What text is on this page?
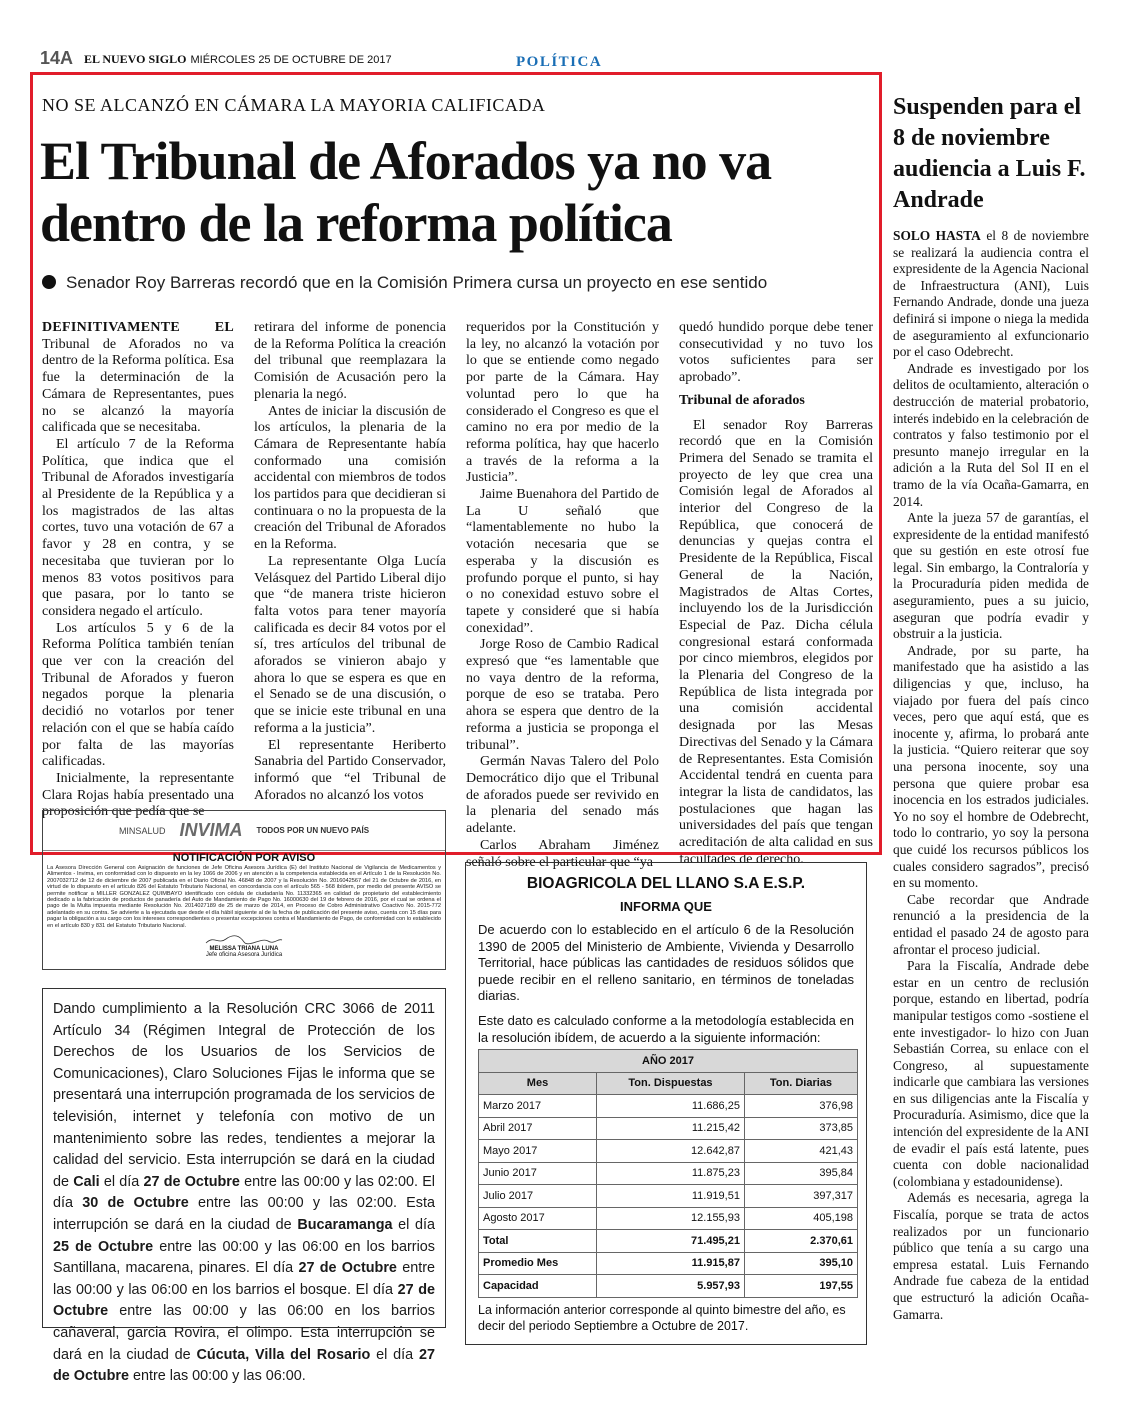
14A EL NUEVO SIGLO MIÉRCOLES 25 DE OCTUBRE DE 2017	POLÍTICA
NO SE ALCANZÓ EN CÁMARA LA MAYORIA CALIFICADA
El Tribunal de Aforados ya no va dentro de la reforma política
Senador Roy Barreras recordó que en la Comisión Primera cursa un proyecto en ese sentido

DEFINITIVAMENTE EL Tribunal de Aforados no va dentro de la Reforma política. Esa fue la determinación de la Cámara de Representantes, pues no se alcanzó la mayoría calificada que se necesitaba.

El artículo 7 de la Reforma Política, que indica que el Tribunal de Aforados investigaría al Presidente de la República y a los magistrados de las altas cortes, tuvo una votación de 67 a favor y 28 en contra, y se necesitaba que tuvieran por lo menos 83 votos positivos para que pasara, por lo tanto se considera negado el artículo.

Los artículos 5 y 6 de la Reforma Política también tenían que ver con la creación del Tribunal de Aforados y fueron negados porque la plenaria decidió no votarlos por tener relación con el que se había caído por falta de las mayorías calificadas.

Inicialmente, la representante Clara Rojas había presentado una proposición que pedía que se

retirara del informe de ponencia de la Reforma Política la creación del tribunal que reemplazara la Comisión de Acusación pero la plenaria la negó.

Antes de iniciar la discusión de los artículos, la plenaria de la Cámara de Representante había conformado una comisión accidental con miembros de todos los partidos para que decidieran si continuara o no la propuesta de la creación del Tribunal de Aforados en la Reforma.

La representante Olga Lucía Velásquez del Partido Liberal dijo que “de manera triste hicieron falta votos para tener mayoría calificada es decir 84 votos por el sí, tres artículos del tribunal de aforados se vinieron abajo y ahora lo que se espera es que en el Senado se de una discusión, o que se inicie este tribunal en una reforma a la justicia”.

El representante Heriberto Sanabria del Partido Conservador, informó que “el Tribunal de Aforados no alcanzó los votos

requeridos por la Constitución y la ley, no alcanzó la votación por lo que se entiende como negado por parte de la Cámara. Hay voluntad pero lo que ha considerado el Congreso es que el camino no era por medio de la reforma política, hay que hacerlo a través de la reforma a la Justicia”.

Jaime Buenahora del Partido de La U señaló que “lamentablemente no hubo la votación necesaria que se esperaba y la discusión es profundo porque el punto, si hay o no conexidad estuvo sobre el tapete y consideré que si había conexidad”.

Jorge Roso de Cambio Radical expresó que “es lamentable que no vaya dentro de la reforma, porque de eso se trataba. Pero ahora se espera que dentro de la reforma a justicia se proponga el tribunal”.

Germán Navas Talero del Polo Democrático dijo que el Tribunal de aforados puede ser revivido en la plenaria del senado más adelante.

Carlos Abraham Jiménez señaló sobre el particular que “ya

quedó hundido porque debe tener consecutividad y no tuvo los votos suficientes para ser aprobado”.

Tribunal de aforados

El senador Roy Barreras recordó que en la Comisión Primera del Senado se tramita el proyecto de ley que crea una Comisión legal de Aforados al interior del Congreso de la República, que conocerá de denuncias y quejas contra el Presidente de la República, Fiscal General de la Nación, Magistrados de Altas Cortes, incluyendo los de la Jurisdicción Especial de Paz. Dicha célula congresional estará conformada por cinco miembros, elegidos por la Plenaria del Congreso de la República de lista integrada por una comisión accidental designada por las Mesas Directivas del Senado y la Cámara de Representantes. Esta Comisión Accidental tendrá en cuenta para integrar la lista de candidatos, las postulaciones que hagan las universidades del país que tengan acreditación de alta calidad en sus facultades de derecho.

Suspenden para el 8 de noviembre audiencia a Luis F. Andrade

SOLO HASTA el 8 de noviembre se realizará la audiencia contra el expresidente de la Agencia Nacional de Infraestructura (ANI), Luis Fernando Andrade, donde una jueza definirá si impone o niega la medida de aseguramiento al exfuncionario por el caso Odebrecht.

Andrade es investigado por los delitos de ocultamiento, alteración o destrucción de material probatorio, interés indebido en la celebración de contratos y falso testimonio por el presunto manejo irregular en la adición a la Ruta del Sol II en el tramo de la vía Ocaña-Gamarra, en 2014.

Ante la jueza 57 de garantías, el expresidente de la entidad manifestó que su gestión en este otrosí fue legal. Sin embargo, la Contraloría y la Procuraduría piden medida de aseguramiento, pues a su juicio, aseguran que podría evadir y obstruir a la justicia.

Andrade, por su parte, ha manifestado que ha asistido a las diligencias y que, incluso, ha viajado por fuera del país cinco veces, pero que aquí está, que es inocente y, afirma, lo probará ante la justicia. “Quiero reiterar que soy una persona inocente, soy una persona que quiere probar esa inocencia en los estrados judiciales. Yo no soy el hombre de Odebrecht, todo lo contrario, yo soy la persona que cuidé los recursos públicos los cuales considero sagrados”, precisó en su momento.

Cabe recordar que Andrade renunció a la presidencia de la entidad el pasado 24 de agosto para afrontar el proceso judicial.

Para la Fiscalía, Andrade debe estar en un centro de reclusión porque, estando en libertad, podría manipular testigos como -sostiene el ente investigador- lo hizo con Juan Sebastián Correa, su enlace con el Congreso, al supuestamente indicarle que cambiara las versiones en sus diligencias ante la Fiscalía y Procuraduría. Asimismo, dice que la intención del expresidente de la ANI de evadir el país está latente, pues cuenta con doble nacionalidad (colombiana y estadounidense).

Además es necesaria, agrega la Fiscalía, porque se trata de actos realizados por un funcionario público que tenía a su cargo una empresa estatal. Luis Fernando Andrade fue cabeza de la entidad que estructuró la adición Ocaña-Gamarra.

MINSALUD INVIMA TODOS POR UN NUEVO PAÍS
NOTIFICACIÓN POR AVISO
La Asesora Dirección General con Asignación de funciones de Jefe Oficina Asesora Jurídica (E) del Instituto Nacional de Vigilancia de Medicamentos y Alimentos - Invima, en conformidad con lo dispuesto en la ley 1066 de 2006 y en atención a la competencia establecida en el Artículo 1 de la Resolución No. 2007032712 de 12 de diciembre de 2007 publicada en el Diario Oficial No. 46848 de 2007 y la Resolución No. 2016042567 del 21 de Octubre de 2016, en virtud de lo dispuesto en el artículo 826 del Estatuto Tributario Nacional, en concordancia con el artículo 565 - 568 ibídem, por medio del presente AVISO se permite notificar a MILLER GONZALEZ QUIMBAYO identificado con cédula de ciudadanía No. 11332365 en calidad de propietario del establecimiento dedicado a la fabricación de productos de panadería del Auto de Mandamiento de Pago No. 16000630 del 19 de febrero de 2016, por el cual se ordena el pago de la Multa impuesta mediante Resolución No. 2014027189 de 25 de marzo de 2014, en Proceso de Cobro Administrativo Coactivo No. 2015-772 adelantado en su contra. Se advierte a la ejecutada que desde el día hábil siguiente al de la fecha de publicación del presente aviso, cuenta con 15 días para pagar la obligación a su cargo con los intereses correspondientes o presentar excepciones contra el Mandamiento de Pago, de conformidad con lo establecido en el artículo 830 y 831 del Estatuto Tributario Nacional.
MELISSA TRIANA LUNA
Jefe oficina Asesora Jurídica
Dando cumplimiento a la Resolución CRC 3066 de 2011 Artículo 34 (Régimen Integral de Protección de los Derechos de los Usuarios de los Servicios de Comunicaciones), Claro Soluciones Fijas le informa que se presentará una interrupción programada de los servicios de televisión, internet y telefonía con motivo de un mantenimiento sobre las redes, tendientes a mejorar la calidad del servicio. Esta interrupción se dará en la ciudad de Cali el día 27 de Octubre entre las 00:00 y las 02:00. El día 30 de Octubre entre las 00:00 y las 02:00. Esta interrupción se dará en la ciudad de Bucaramanga el día 25 de Octubre entre las 00:00 y las 06:00 en los barrios Santillana, macarena, pinares. El día 27 de Octubre entre las 00:00 y las 06:00 en los barrios el bosque. El día 27 de Octubre entre las 00:00 y las 06:00 en los barrios cañaveral, garcia Rovira, el olimpo. Esta interrupción se dará en la ciudad de Cúcuta, Villa del Rosario el día 27 de Octubre entre las 00:00 y las 06:00.
BIOAGRICOLA DEL LLANO S.A E.S.P.
INFORMA QUE

De acuerdo con lo establecido en el artículo 6 de la Resolución 1390 de 2005 del Ministerio de Ambiente, Vivienda y Desarrollo Territorial, hace públicas las cantidades de residuos sólidos que puede recibir en el relleno sanitario, en términos de toneladas diarias.

Este dato es calculado conforme a la metodología establecida en la resolución ibídem, de acuerdo a la siguiente información:

AÑO 2017		
Mes	Ton. Dispuestas	Ton. Diarias
Marzo 2017	11.686,25	376,98
Abril 2017	11.215,42	373,85
Mayo 2017	12.642,87	421,43
Junio 2017	11.875,23	395,84
Julio 2017	11.919,51	397,317
Agosto 2017	12.155,93	405,198
Total	71.495,21	2.370,61
Promedio Mes	11.915,87	395,10
Capacidad	5.957,93	197,55
La información anterior corresponde al quinto bimestre del año, es decir del periodo Septiembre a Octubre de 2017.
